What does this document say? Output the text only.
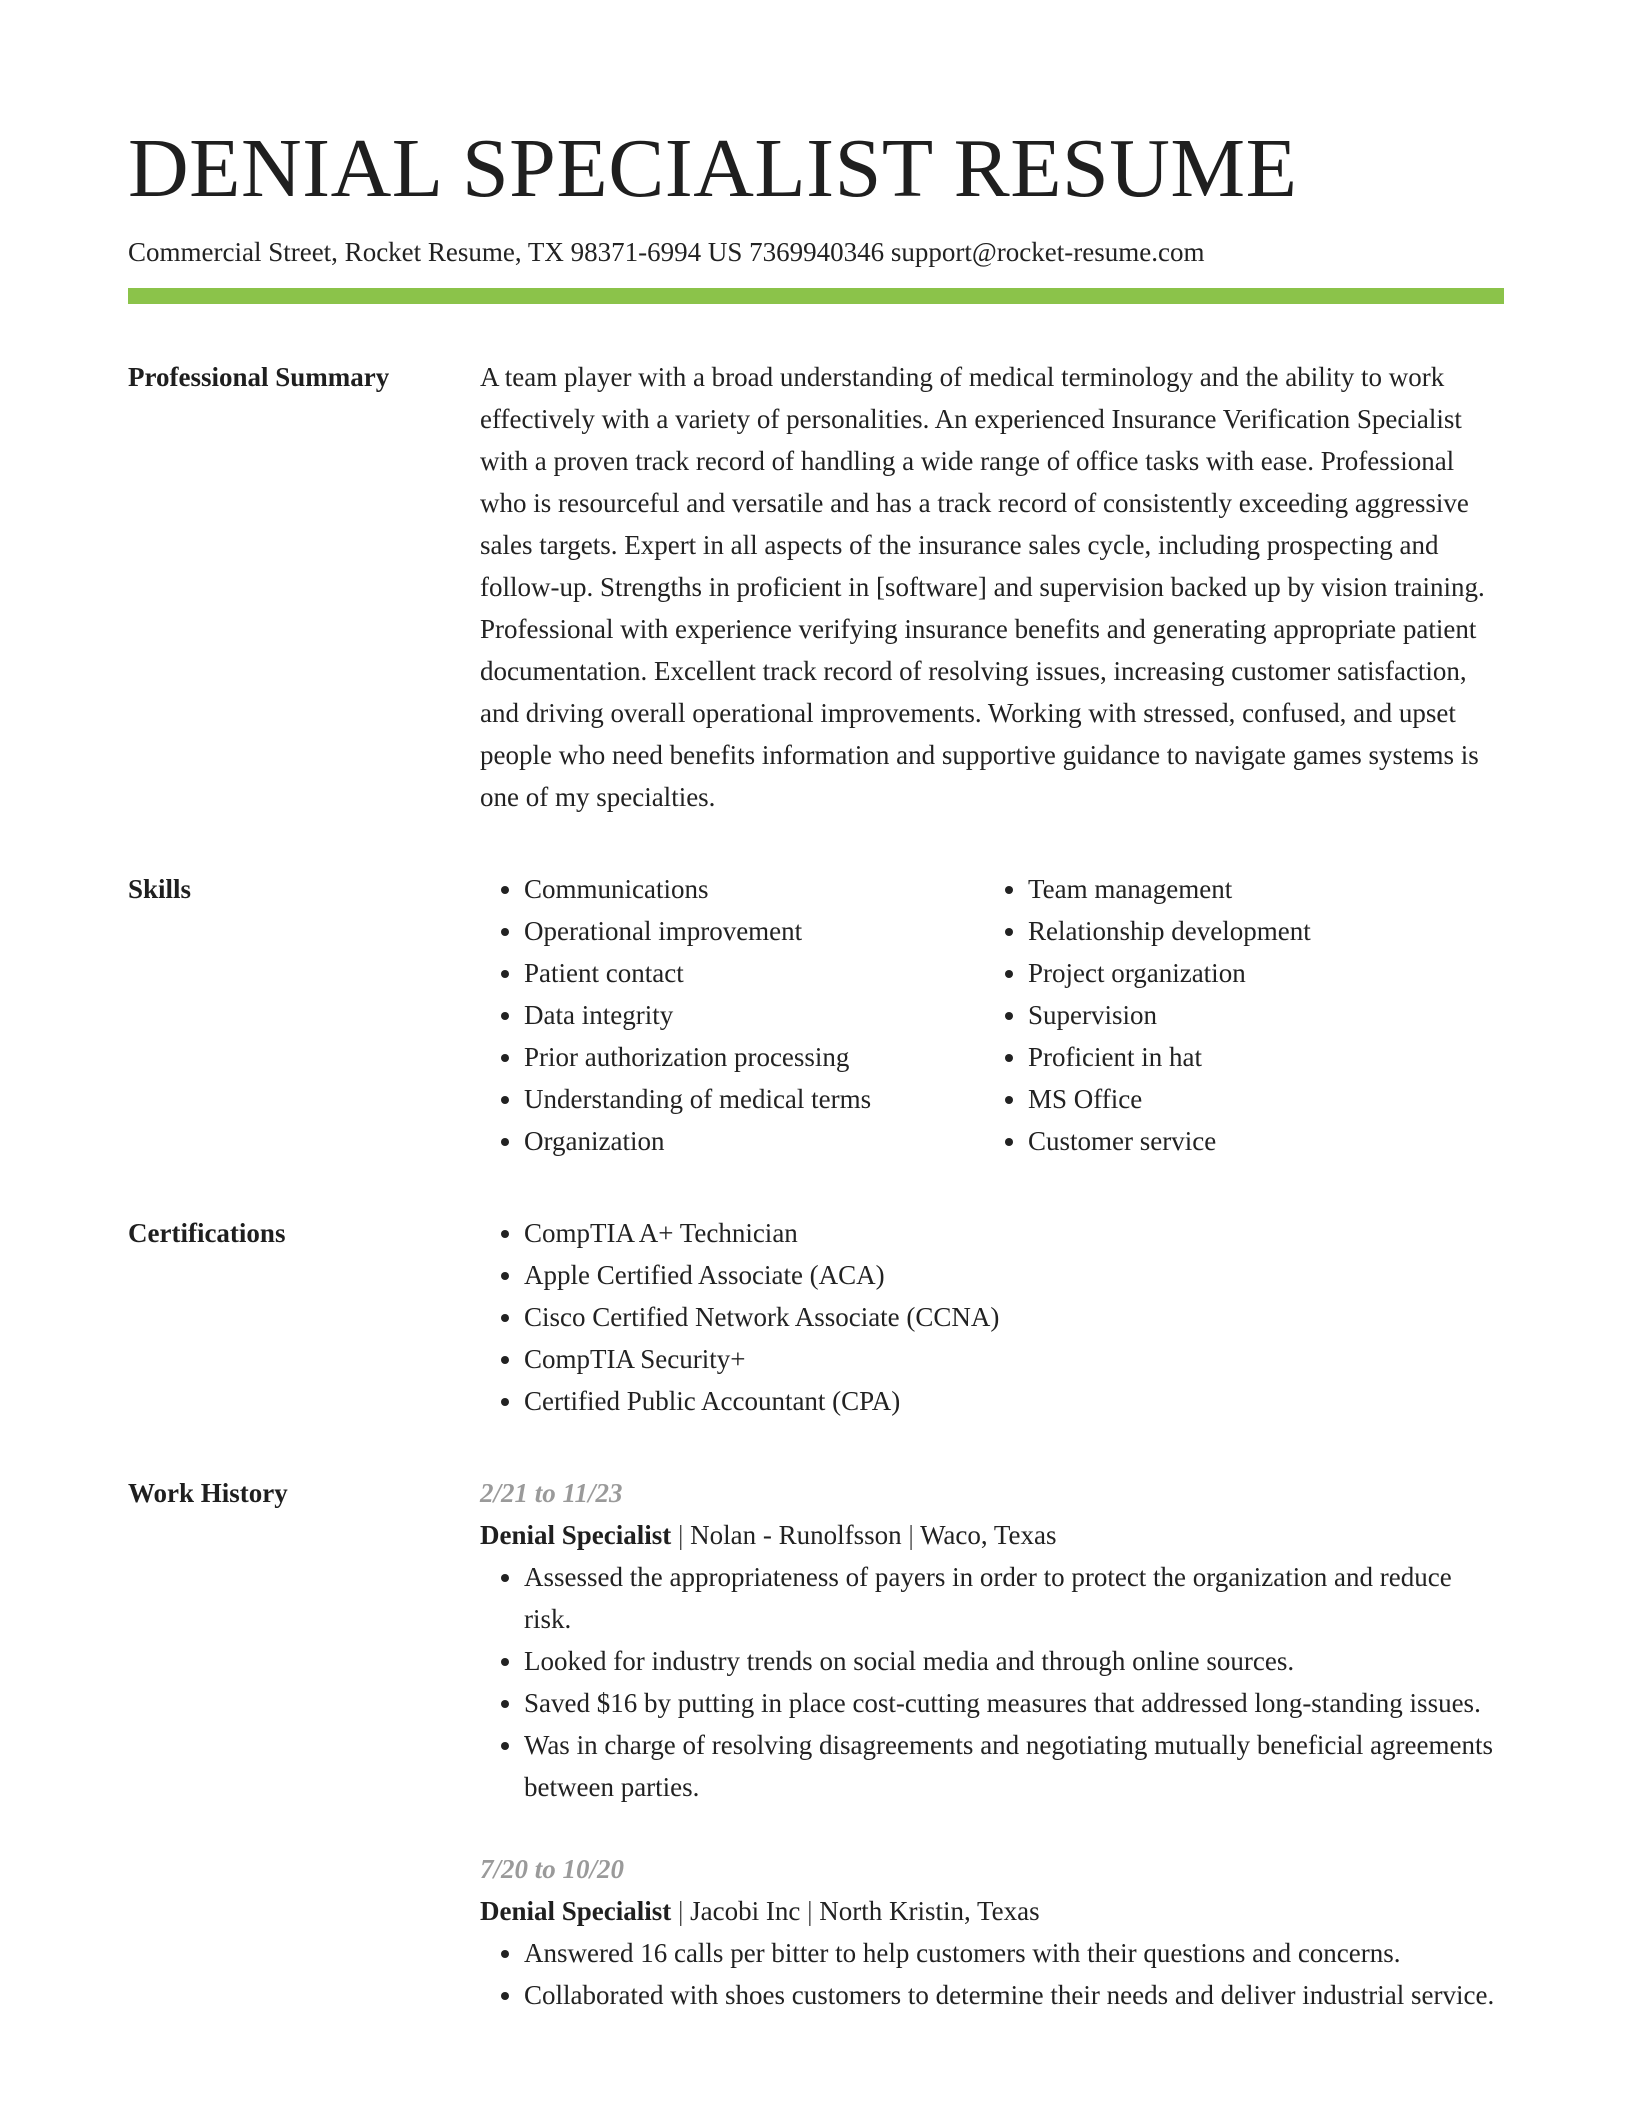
DENIAL SPECIALIST RESUME
Commercial Street, Rocket Resume, TX 98371-6994 US 7369940346 support@rocket-resume.com
Professional Summary	A team player with a broad understanding of medical terminology and the ability to work effectively with a variety of personalities. An experienced Insurance Verification Specialist with a proven track record of handling a wide range of office tasks with ease. Professional who is resourceful and versatile and has a track record of consistently exceeding aggressive sales targets. Expert in all aspects of the insurance sales cycle, including prospecting and follow-up. Strengths in proficient in [software] and supervision backed up by vision training. Professional with experience verifying insurance benefits and generating appropriate patient documentation. Excellent track record of resolving issues, increasing customer satisfaction, and driving overall operational improvements. Working with stressed, confused, and upset people who need benefits information and supportive guidance to navigate games systems is one of my specialties.

Skills	• Communications
• Operational improvement
• Patient contact
• Data integrity
• Prior authorization processing
• Understanding of medical terms
• Organization
• Team management
• Relationship development
• Project organization
• Supervision
• Proficient in hat
• MS Office
• Customer service
Certifications	• CompTIA A+ Technician
• Apple Certified Associate (ACA)
• Cisco Certified Network Associate (CCNA)
• CompTIA Security+
• Certified Public Accountant (CPA)
Work History	2/21 to 11/23
Denial Specialist | Nolan - Runolfsson | Waco, Texas
• Assessed the appropriateness of payers in order to protect the organization and reduce risk.
• Looked for industry trends on social media and through online sources.
• Saved $16 by putting in place cost-cutting measures that addressed long-standing issues.
• Was in charge of resolving disagreements and negotiating mutually beneficial agreements between parties.
7/20 to 10/20
Denial Specialist | Jacobi Inc | North Kristin, Texas
• Answered 16 calls per bitter to help customers with their questions and concerns.
• Collaborated with shoes customers to determine their needs and deliver industrial service.
